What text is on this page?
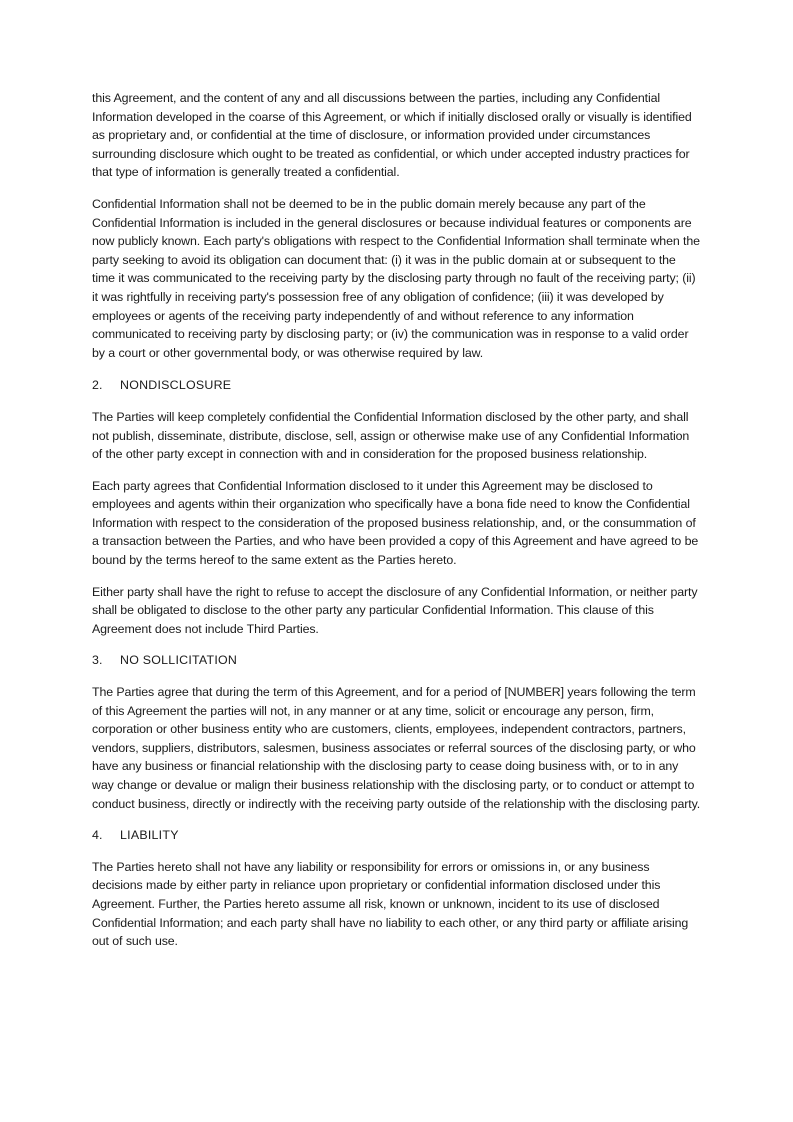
this Agreement, and the content of any and all discussions between the parties, including any Confidential Information developed in the coarse of this Agreement, or which if initially disclosed orally or visually is identified as proprietary and, or confidential at the time of disclosure, or information provided under circumstances surrounding disclosure which ought to be treated as confidential, or which under accepted industry practices for that type of information is generally treated a confidential.

Confidential Information shall not be deemed to be in the public domain merely because any part of the Confidential Information is included in the general disclosures or because individual features or components are now publicly known. Each party's obligations with respect to the Confidential Information shall terminate when the party seeking to avoid its obligation can document that: (i) it was in the public domain at or subsequent to the time it was communicated to the receiving party by the disclosing party through no fault of the receiving party; (ii) it was rightfully in receiving party's possession free of any obligation of confidence; (iii) it was developed by employees or agents of the receiving party independently of and without reference to any information communicated to receiving party by disclosing party; or (iv) the communication was in response to a valid order by a court or other governmental body, or was otherwise required by law.

2.	NONDISCLOSURE

The Parties will keep completely confidential the Confidential Information disclosed by the other party, and shall not publish, disseminate, distribute, disclose, sell, assign or otherwise make use of any Confidential Information of the other party except in connection with and in consideration for the proposed business relationship.

Each party agrees that Confidential Information disclosed to it under this Agreement may be disclosed to employees and agents within their organization who specifically have a bona fide need to know the Confidential Information with respect to the consideration of the proposed business relationship, and, or the consummation of a transaction between the Parties, and who have been provided a copy of this Agreement and have agreed to be bound by the terms hereof to the same extent as the Parties hereto.

Either party shall have the right to refuse to accept the disclosure of any Confidential Information, or neither party shall be obligated to disclose to the other party any particular Confidential Information. This clause of this Agreement does not include Third Parties.

3.	NO SOLLICITATION

The Parties agree that during the term of this Agreement, and for a period of [NUMBER] years following the term of this Agreement the parties will not, in any manner or at any time, solicit or encourage any person, firm, corporation or other business entity who are customers, clients, employees, independent contractors, partners, vendors, suppliers, distributors, salesmen, business associates or referral sources of the disclosing party, or who have any business or financial relationship with the disclosing party to cease doing business with, or to in any way change or devalue or malign their business relationship with the disclosing party, or to conduct or attempt to conduct business, directly or indirectly with the receiving party outside of the relationship with the disclosing party.

4.	LIABILITY

The Parties hereto shall not have any liability or responsibility for errors or omissions in, or any business decisions made by either party in reliance upon proprietary or confidential information disclosed under this Agreement. Further, the Parties hereto assume all risk, known or unknown, incident to its use of disclosed Confidential Information; and each party shall have no liability to each other, or any third party or affiliate arising out of such use.
